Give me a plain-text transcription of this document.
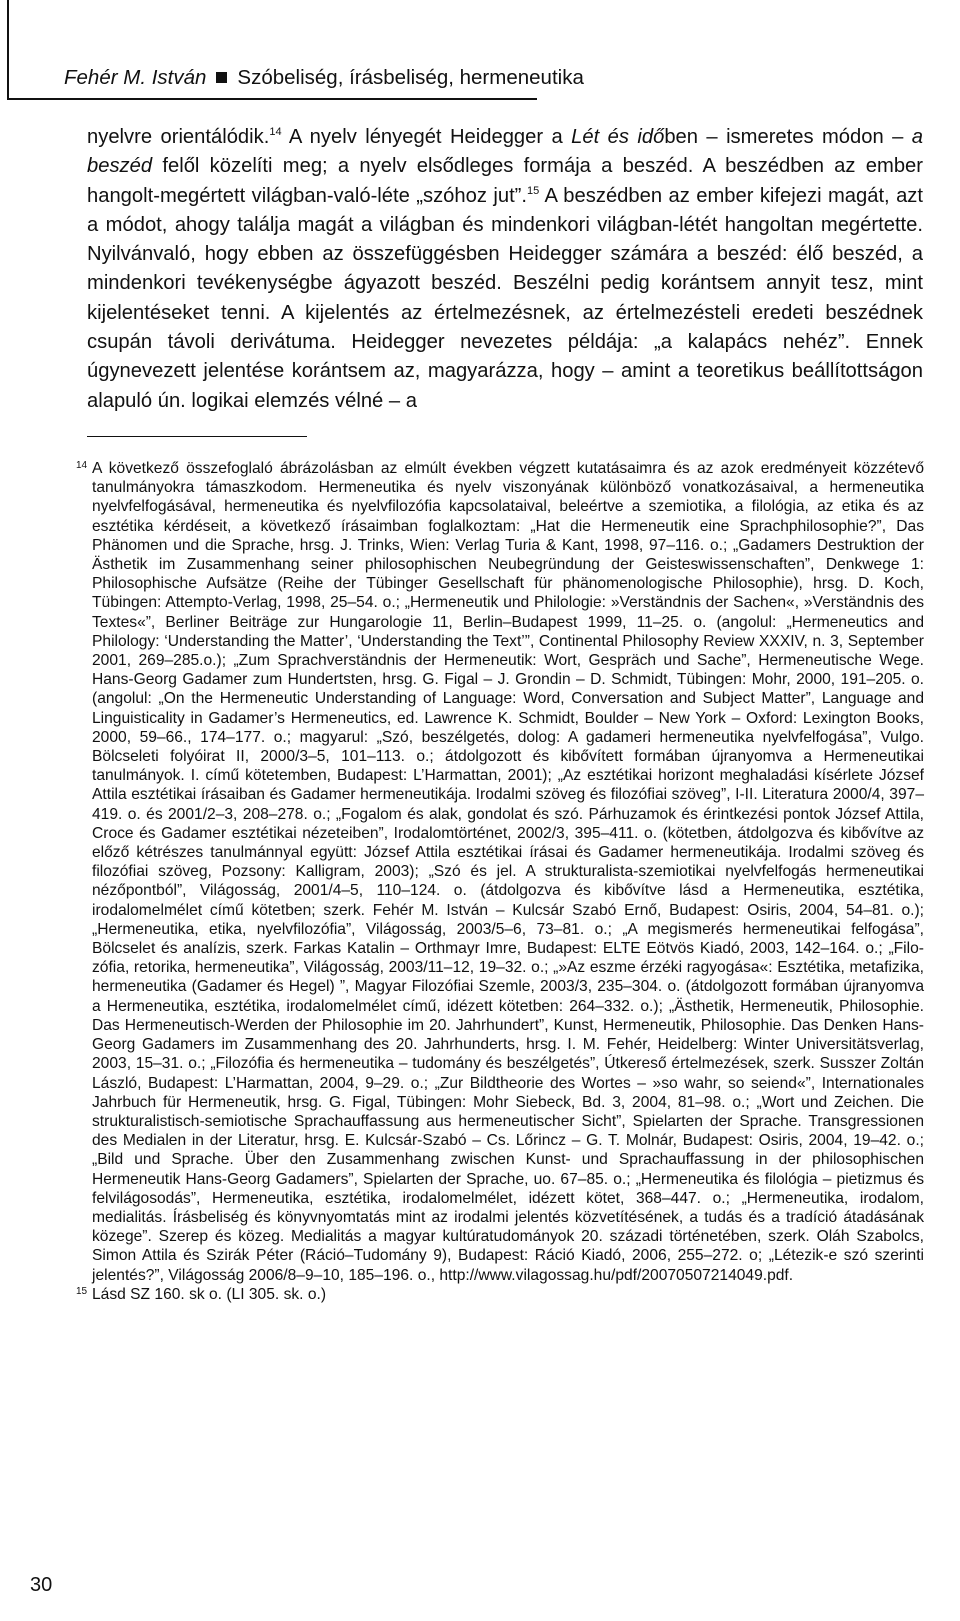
Fehér M. István Szóbeliség, írásbeliség, hermeneutika
nyelvre orientálódik.$^{14}$ A nyelv lényegét Heidegger a Lét és időben – ismeretes módon – a beszéd felől közelíti meg; a nyelv elsődleges formája a beszéd. A beszédben az ember hangolt-megértett világban-való-léte „szóhoz jut”.$^{15}$ A beszédben az ember kifejezi magát, azt a módot, ahogy találja magát a világban és mindenkori világban-létét hangoltan megértette. Nyilvánvaló, hogy ebben az összefüggésben Heidegger számára a beszéd: élő beszéd, a mindenkori tevékenységbe ágyazott beszéd. Beszélni pedig korántsem annyit tesz, mint kijelentéseket tenni. A kijelentés az értelmezésnek, az értelmezésteli eredeti beszédnek csupán távoli derivátuma. Heidegger nevezetes példája: „a kalapács nehéz”. Ennek úgynevezett jelentése korántsem az, magyarázza, hogy – amint a teoretikus beállítottságon alapuló ún. logikai elemzés vélné – a
14 A következő összefoglaló ábrázolásban az elmúlt években végzett kutatásaimra és az azok eredményeit közzétevő tanulmányokra támaszkodom. Hermeneutika és nyelv viszonyának különböző vonatkozásaival, a hermeneutika nyelvfelfogásával, hermeneutika és nyelvfilozófia kapcsolataival, beleértve a szemiotika, a filológia, az etika és az esztétika kérdéseit, a következő írásaimban foglalkoztam: „Hat die Hermeneutik eine Sprachphilosophie?”, Das Phänomen und die Sprache, hrsg. J. Trinks, Wien: Verlag Turia & Kant, 1998, 97–116. o.; „Gadamers Destruktion der Ästhetik im Zusammenhang seiner philosophischen Neubegründung der Geisteswissenschaften”, Denkwege 1: Philosophische Aufsätze (Reihe der Tübinger Gesellschaft für phänomenologische Philosophie), hrsg. D. Koch, Tübingen: Attempto-Verlag, 1998, 25–54. o.; „Hermeneutik und Philologie: »Verständnis der Sachen«, »Verständnis des Textes«”, Berliner Beiträge zur Hungarologie 11, Berlin–Budapest 1999, 11–25. o. (angolul: „Hermeneutics and Philology: ‘Understanding the Matter’, ‘Understanding the Text’”, Continental Philosophy Review XXXIV, n. 3, September 2001, 269–285.o.); „Zum Sprachverständnis der Hermeneutik: Wort, Gespräch und Sache”, Hermeneutische Wege. Hans-Georg Gadamer zum Hundertsten, hrsg. G. Figal – J. Grondin – D. Schmidt, Tübingen: Mohr, 2000, 191–205. o. (angolul: „On the Hermeneutic Understanding of Language: Word, Conversation and Subject Matter”, Language and Linguisticality in Gadamer’s Hermeneutics, ed. Lawrence K. Schmidt, Boulder – New York – Oxford: Lexington Books, 2000, 59–66., 174–177. o.; magyarul: „Szó, beszélgetés, dolog: A gadameri hermeneutika nyelvfelfogása”, Vulgo. Bölcseleti folyóirat II, 2000/3–5, 101–113. o.; átdolgozott és kibővített formában újranyomva a Hermeneutikai tanulmányok. I. című kötetemben, Budapest: L’Harmattan, 2001); „Az esztétikai horizont meghaladási kísérlete József Attila esztétikai írásaiban és Gadamer hermeneutikája. Irodalmi szöveg és filozófiai szöveg”, I-II. Literatura 2000/4, 397–419. o. és 2001/2–3, 208–278. o.; „Fogalom és alak, gondolat és szó. Párhuzamok és érintkezési pontok József Attila, Croce és Gadamer esztétikai nézeteiben”, Irodalomtörténet, 2002/3, 395–411. o. (kötetben, átdolgozva és kibővítve az előző kétrészes tanulmánnyal együtt: József Attila esztétikai írásai és Gadamer hermeneutikája. Irodalmi szöveg és filozófiai szöveg, Pozsony: Kalligram, 2003); „Szó és jel. A strukturalista-szemiotikai nyelvfelfogás hermeneutikai nézőpontból”, Világosság, 2001/4–5, 110–124. o. (átdolgozva és kibővítve lásd a Hermeneutika, esztétika, irodalomelmélet című kötetben; szerk. Fehér M. István – Kulcsár Szabó Ernő, Budapest: Osiris, 2004, 54–81. o.); „Hermeneutika, etika, nyelvfilozófia”, Világosság, 2003/5–6, 73–81. o.; „A megismerés hermeneutikai felfogása”, Bölcselet és analízis, szerk. Farkas Katalin – Orthmayr Imre, Budapest: ELTE Eötvös Kiadó, 2003, 142–164. o.; „Filozófia, retorika, hermeneutika”, Világosság, 2003/11–12, 19–32. o.; „»Az eszme érzéki ragyogása«: Esztétika, metafizika, hermeneutika (Gadamer és Hegel) ”, Magyar Filozófiai Szemle, 2003/3, 235–304. o. (átdolgozott formában újranyomva a Hermeneutika, esztétika, irodalomelmélet című, idézett kötetben: 264–332. o.); „Ästhetik, Hermeneutik, Philosophie. Das Hermeneutisch-Werden der Philosophie im 20. Jahrhundert”, Kunst, Hermeneutik, Philosophie. Das Denken Hans-Georg Gadamers im Zusammenhang des 20. Jahrhunderts, hrsg. I. M. Fehér, Heidelberg: Winter Universitätsverlag, 2003, 15–31. o.; „Filozófia és hermeneutika – tudomány és beszélgetés”, Útkereső értelmezések, szerk. Susszer Zoltán László, Budapest: L’Harmattan, 2004, 9–29. o.; „Zur Bildtheorie des Wortes – »so wahr, so seiend«”, Internationales Jahrbuch für Hermeneutik, hrsg. G. Figal, Tübingen: Mohr Siebeck, Bd. 3, 2004, 81–98. o.; „Wort und Zeichen. Die strukturalistisch-semiotische Sprachauffassung aus hermeneutischer Sicht”, Spielarten der Sprache. Transgressionen des Medialen in der Literatur, hrsg. E. Kulcsár-Szabó – Cs. Lőrincz – G. T. Molnár, Budapest: Osiris, 2004, 19–42. o.; „Bild und Sprache. Über den Zusammenhang zwischen Kunst- und Sprachauffassung in der philosophischen Hermeneutik Hans-Georg Gadamers”, Spielarten der Sprache, uo. 67–85. o.; „Hermeneutika és filológia – pietizmus és felvilágosodás”, Hermeneutika, esztétika, irodalomelmélet, idézett kötet, 368–447. o.; „Hermeneutika, irodalom, medialitás. Írásbeliség és könyvnyomtatás mint az irodalmi jelentés közvetítésének, a tudás és a tradíció átadásának közege”. Szerep és közeg. Medialitás a magyar kultúratudományok 20. századi történetében, szerk. Oláh Szabolcs, Simon Attila és Szirák Péter (Ráció–Tudomány 9), Budapest: Ráció Kiadó, 2006, 255–272. o; „Létezik-e szó szerinti jelentés?”, Világosság 2006/8–9–10, 185–196. o., http://www.vilagossag.hu/pdf/20070507214049.pdf.
15 Lásd SZ 160. sk o. (LI 305. sk. o.)
30
